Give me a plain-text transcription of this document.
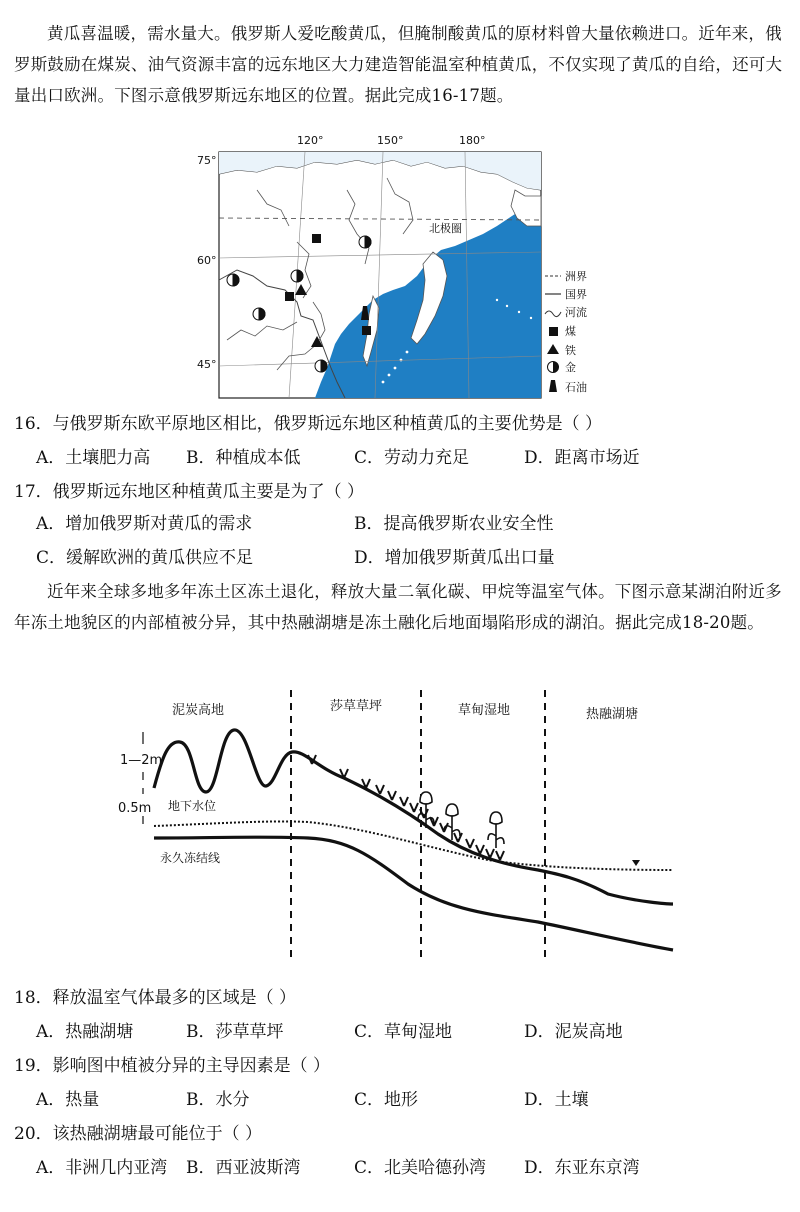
黄瓜喜温暖，需水量大。俄罗斯人爱吃酸黄瓜，但腌制酸黄瓜的原材料曾大量依赖进口。近年来，俄罗斯鼓励在煤炭、油气资源丰富的远东地区大力建造智能温室种植黄瓜，不仅实现了黄瓜的自给，还可大量出口欧洲。下图示意俄罗斯远东地区的位置。据此完成16-17题。
120°	150°	180°
75°
60°
45°
北极圈
洲界
国界
河流
煤
铁
金
石油
16．与俄罗斯东欧平原地区相比，俄罗斯远东地区种植黄瓜的主要优势是（ ）
A．土壤肥力高 B．种植成本低	C．劳动力充足	D．距离市场近
17．俄罗斯远东地区种植黄瓜主要是为了（ ）
A．增加俄罗斯对黄瓜的需求	B．提高俄罗斯农业安全性
C．缓解欧洲的黄瓜供应不足	D．增加俄罗斯黄瓜出口量
近年来全球多地多年冻土区冻土退化，释放大量二氧化碳、甲烷等温室气体。下图示意某湖泊附近多年冻土地貌区的内部植被分异，其中热融湖塘是冻土融化后地面塌陷形成的湖泊。据此完成18-20题。
泥炭高地	莎草草坪	草甸湿地	热融湖塘
1—2m
0.5m 地下水位
永久冻结线
18．释放温室气体最多的区域是（ ）
A．热融湖塘	B．莎草草坪	C．草甸湿地	D．泥炭高地
19．影响图中植被分异的主导因素是（ ）
A．热量	B．水分	C．地形	D．土壤
20．该热融湖塘最可能位于（ ）
A．非洲几内亚湾 B．西亚波斯湾	C．北美哈德孙湾 D．东亚东京湾
